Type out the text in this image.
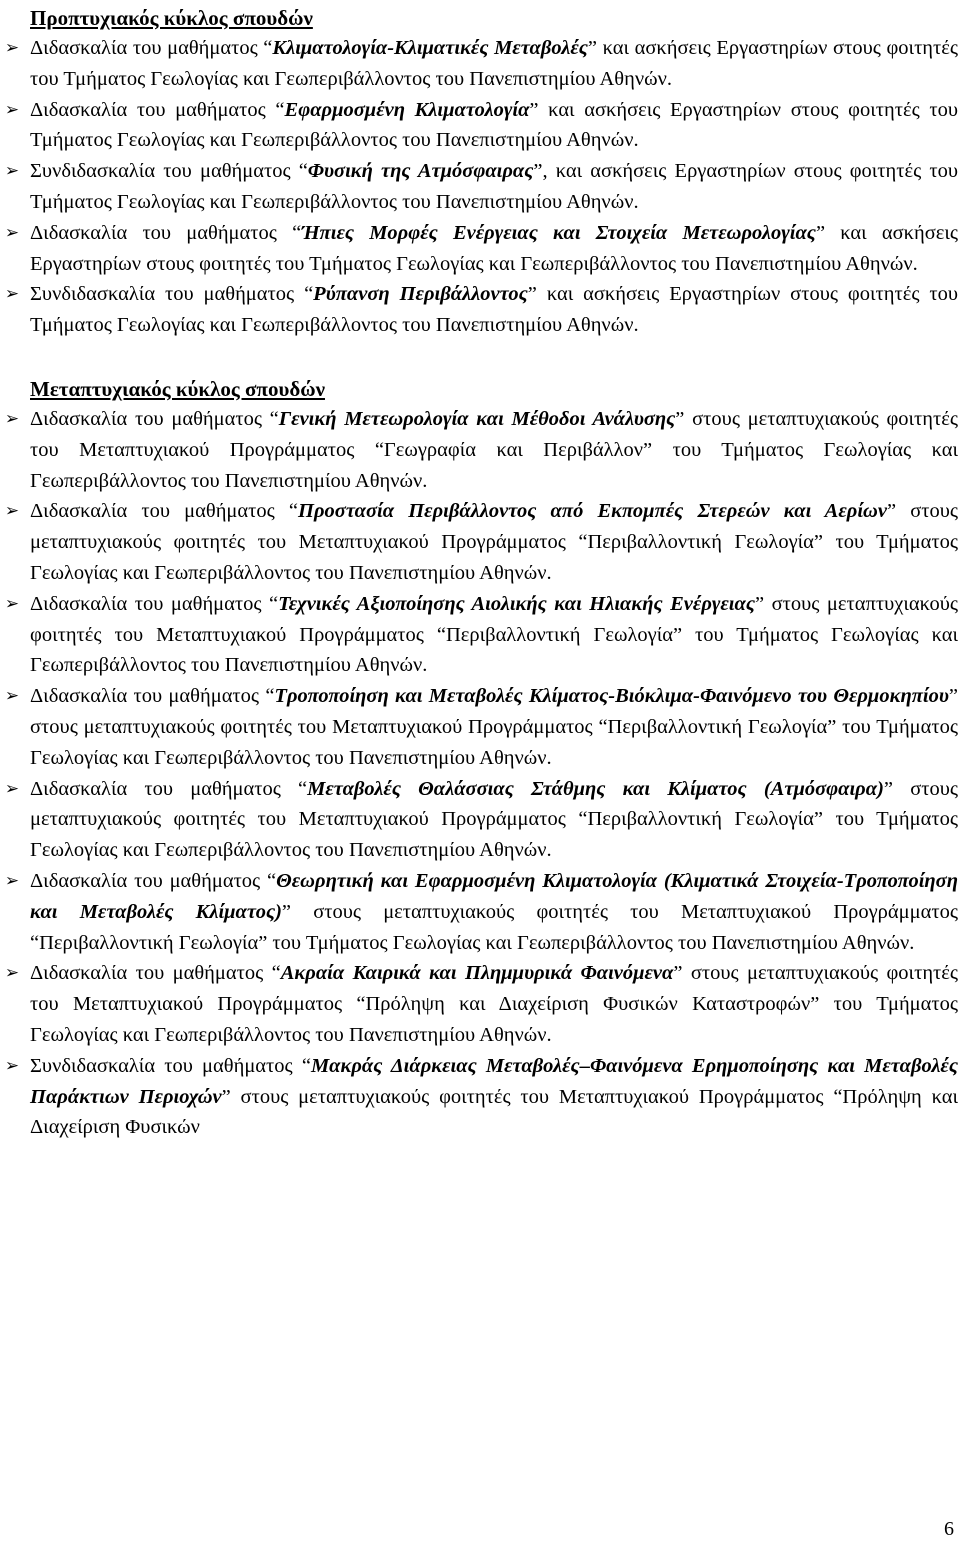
Προπτυχιακός κύκλος σπουδών
➢ Διδασκαλία του μαθήματος “Κλιματολογία-Κλιματικές Μεταβολές” και ασκήσεις Εργαστηρίων στους φοιτητές του Τμήματος Γεωλογίας και Γεωπεριβάλλοντος του Πανεπιστημίου Αθηνών.
➢ Διδασκαλία του μαθήματος “Εφαρμοσμένη Κλιματολογία” και ασκήσεις Εργαστηρίων στους φοιτητές του Τμήματος Γεωλογίας και Γεωπεριβάλλοντος του Πανεπιστημίου Αθηνών.
➢ Συνδιδασκαλία του μαθήματος “Φυσική της Ατμόσφαιρας”, και ασκήσεις Εργαστηρίων στους φοιτητές του Τμήματος Γεωλογίας και Γεωπεριβάλλοντος του Πανεπιστημίου Αθηνών.
➢ Διδασκαλία του μαθήματος “Ήπιες Μορφές Ενέργειας και Στοιχεία Μετεωρολογίας” και ασκήσεις Εργαστηρίων στους φοιτητές του Τμήματος Γεωλογίας και Γεωπεριβάλλοντος του Πανεπιστημίου Αθηνών.
➢ Συνδιδασκαλία του μαθήματος “Ρύπανση Περιβάλλοντος” και ασκήσεις Εργαστηρίων στους φοιτητές του Τμήματος Γεωλογίας και Γεωπεριβάλλοντος του Πανεπιστημίου Αθηνών.
Μεταπτυχιακός κύκλος σπουδών
➢ Διδασκαλία του μαθήματος “Γενική Μετεωρολογία και Μέθοδοι Ανάλυσης” στους μεταπτυχιακούς φοιτητές του Μεταπτυχιακού Προγράμματος “Γεωγραφία και Περιβάλλον” του Τμήματος Γεωλογίας και Γεωπεριβάλλοντος του Πανεπιστημίου Αθηνών.
➢ Διδασκαλία του μαθήματος “Προστασία Περιβάλλοντος από Εκπομπές Στερεών και Αερίων” στους μεταπτυχιακούς φοιτητές του Μεταπτυχιακού Προγράμματος “Περιβαλλοντική Γεωλογία” του Τμήματος Γεωλογίας και Γεωπεριβάλλοντος του Πανεπιστημίου Αθηνών.
➢ Διδασκαλία του μαθήματος “Τεχνικές Αξιοποίησης Αιολικής και Ηλιακής Ενέργειας” στους μεταπτυχιακούς φοιτητές του Μεταπτυχιακού Προγράμματος “Περιβαλλοντική Γεωλογία” του Τμήματος Γεωλογίας και Γεωπεριβάλλοντος του Πανεπιστημίου Αθηνών.
➢ Διδασκαλία του μαθήματος “Τροποποίηση και Μεταβολές Κλίματος-Βιόκλιμα-Φαινόμενο του Θερμοκηπίου” στους μεταπτυχιακούς φοιτητές του Μεταπτυχιακού Προγράμματος “Περιβαλλοντική Γεωλογία” του Τμήματος Γεωλογίας και Γεωπεριβάλλοντος του Πανεπιστημίου Αθηνών.
➢ Διδασκαλία του μαθήματος “Μεταβολές Θαλάσσιας Στάθμης και Κλίματος (Ατμόσφαιρα)” στους μεταπτυχιακούς φοιτητές του Μεταπτυχιακού Προγράμματος “Περιβαλλοντική Γεωλογία” του Τμήματος Γεωλογίας και Γεωπεριβάλλοντος του Πανεπιστημίου Αθηνών.
➢ Διδασκαλία του μαθήματος “Θεωρητική και Εφαρμοσμένη Κλιματολογία (Κλιματικά Στοιχεία-Τροποποίηση και Μεταβολές Κλίματος)” στους μεταπτυχιακούς φοιτητές του Μεταπτυχιακού Προγράμματος “Περιβαλλοντική Γεωλογία” του Τμήματος Γεωλογίας και Γεωπεριβάλλοντος του Πανεπιστημίου Αθηνών.
➢ Διδασκαλία του μαθήματος “Ακραία Καιρικά και Πλημμυρικά Φαινόμενα” στους μεταπτυχιακούς φοιτητές του Μεταπτυχιακού Προγράμματος “Πρόληψη και Διαχείριση Φυσικών Καταστροφών” του Τμήματος Γεωλογίας και Γεωπεριβάλλοντος του Πανεπιστημίου Αθηνών.
➢ Συνδιδασκαλία του μαθήματος “Μακράς Διάρκειας Μεταβολές–Φαινόμενα Ερημοποίησης και Μεταβολές Παράκτιων Περιοχών” στους μεταπτυχιακούς φοιτητές του Μεταπτυχιακού Προγράμματος “Πρόληψη και Διαχείριση Φυσικών
6
